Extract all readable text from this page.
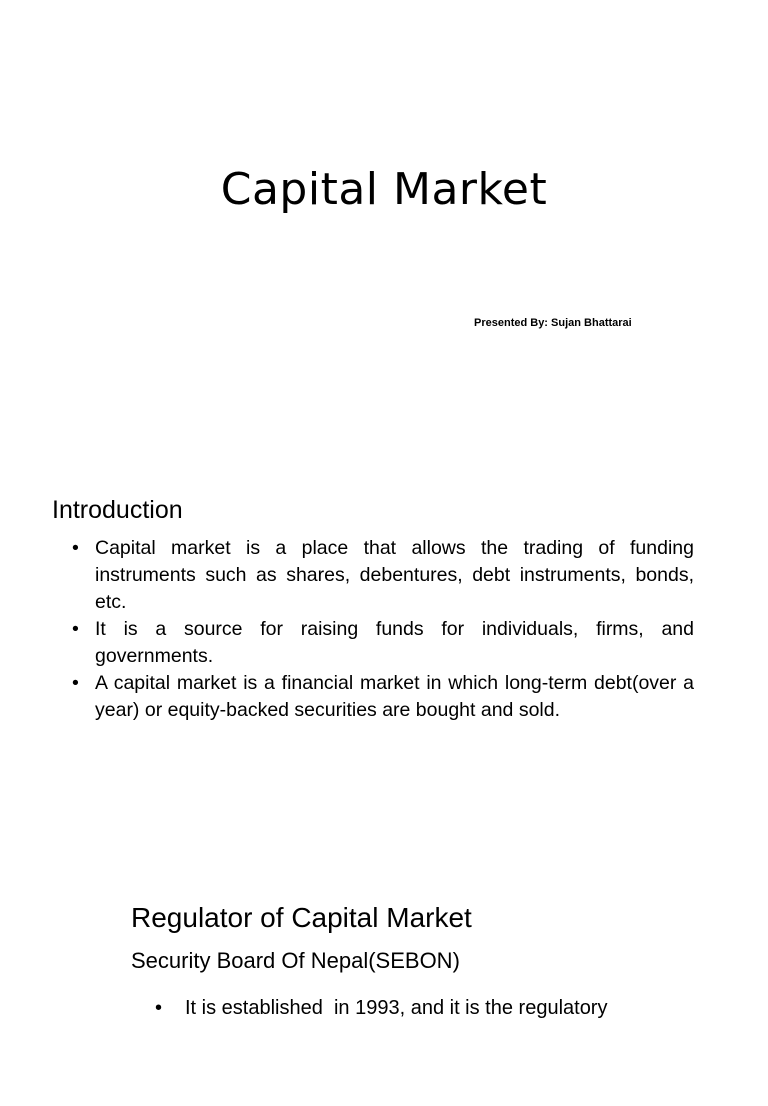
Capital Market
Presented By: Sujan Bhattarai
Introduction
• Capital market is a place that allows the trading of funding instruments such as shares, debentures, debt instruments, bonds, etc.
• It is a source for raising funds for individuals, firms, and governments.
• A capital market is a financial market in which long-term debt(over a year) or equity-backed securities are bought and sold.
Regulator of Capital Market
Security Board Of Nepal(SEBON)

•

It is established  in 1993, and it is the regulatory
